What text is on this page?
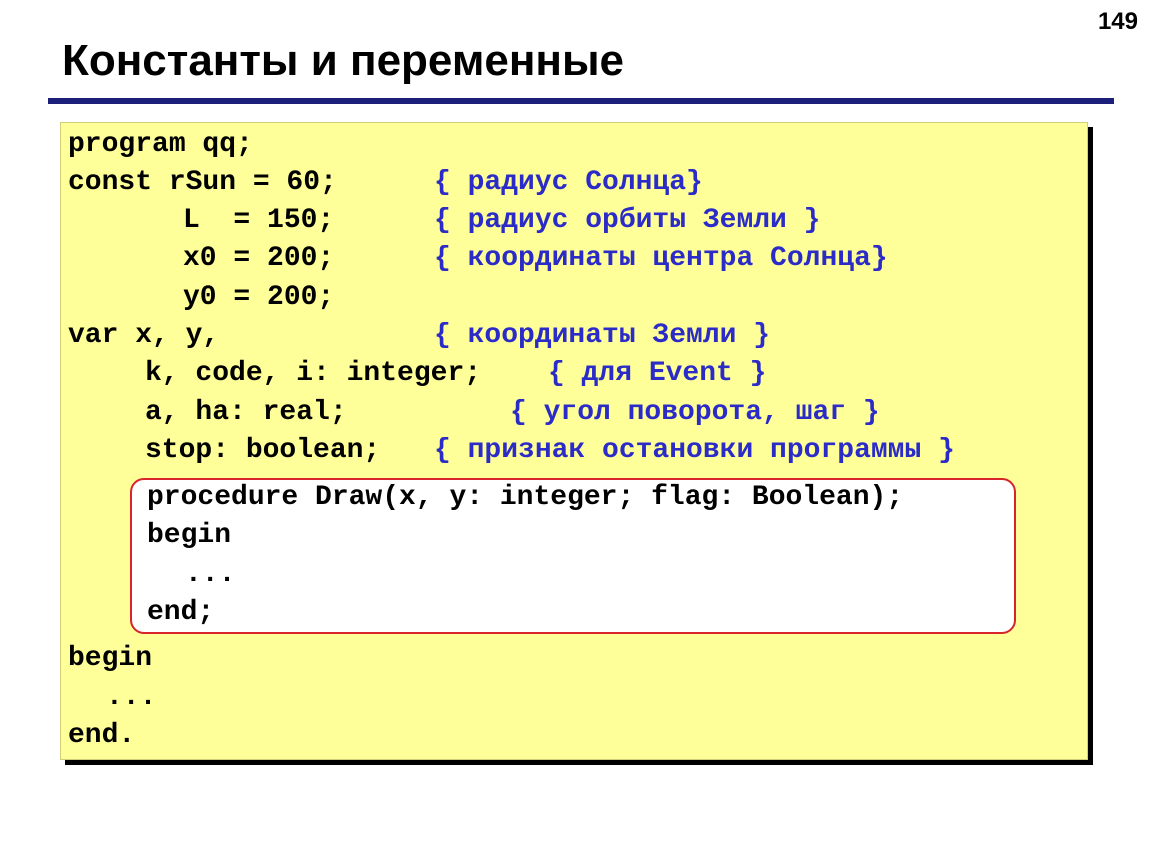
149
Константы и переменные
program qq;
const rSun = 60;	{ радиус Солнца}
L  = 150;	{ радиус орбиты Земли }
x0 = 200;	{ координаты центра Солнца}
y0 = 200;
var x, y,	{ координаты Земли }
k, code, i: integer; { для Event }
a, ha: real;	{ угол поворота, шаг }
stop: boolean; { признак остановки программы }
procedure Draw(x, y: integer; flag: Boolean);
begin
...
end;
begin
...
end.
